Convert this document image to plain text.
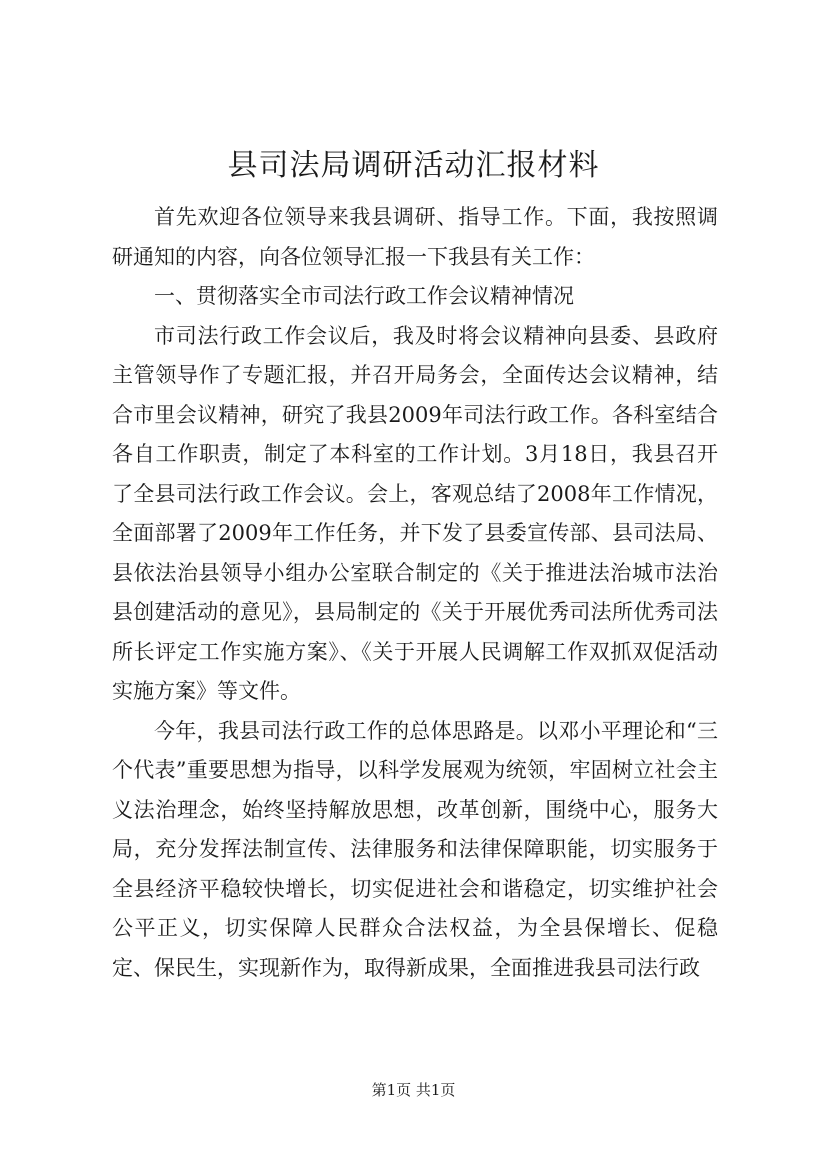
县司法局调研活动汇报材料

首先欢迎各位领导来我县调研、指导工作。下面，我按照调研通知的内容，向各位领导汇报一下我县有关工作：

一、贯彻落实全市司法行政工作会议精神情况

市司法行政工作会议后，我及时将会议精神向县委、县政府主管领导作了专题汇报，并召开局务会，全面传达会议精神，结合市里会议精神，研究了我县2009年司法行政工作。各科室结合各自工作职责，制定了本科室的工作计划。3月18日，我县召开了全县司法行政工作会议。会上，客观总结了2008年工作情况，全面部署了2009年工作任务，并下发了县委宣传部、县司法局、县依法治县领导小组办公室联合制定的《关于推进法治城市法治县创建活动的意见》，县局制定的《关于开展优秀司法所优秀司法所长评定工作实施方案》、《关于开展人民调解工作双抓双促活动实施方案》等文件。

今年，我县司法行政工作的总体思路是。以邓小平理论和“三个代表”重要思想为指导，以科学发展观为统领，牢固树立社会主义法治理念，始终坚持解放思想，改革创新，围绕中心，服务大局，充分发挥法制宣传、法律服务和法律保障职能，切实服务于全县经济平稳较快增长，切实促进社会和谐稳定，切实维护社会公平正义，切实保障人民群众合法权益，为全县保增长、促稳定、保民生，实现新作为，取得新成果，全面推进我县司法行政

第1页 共1页
